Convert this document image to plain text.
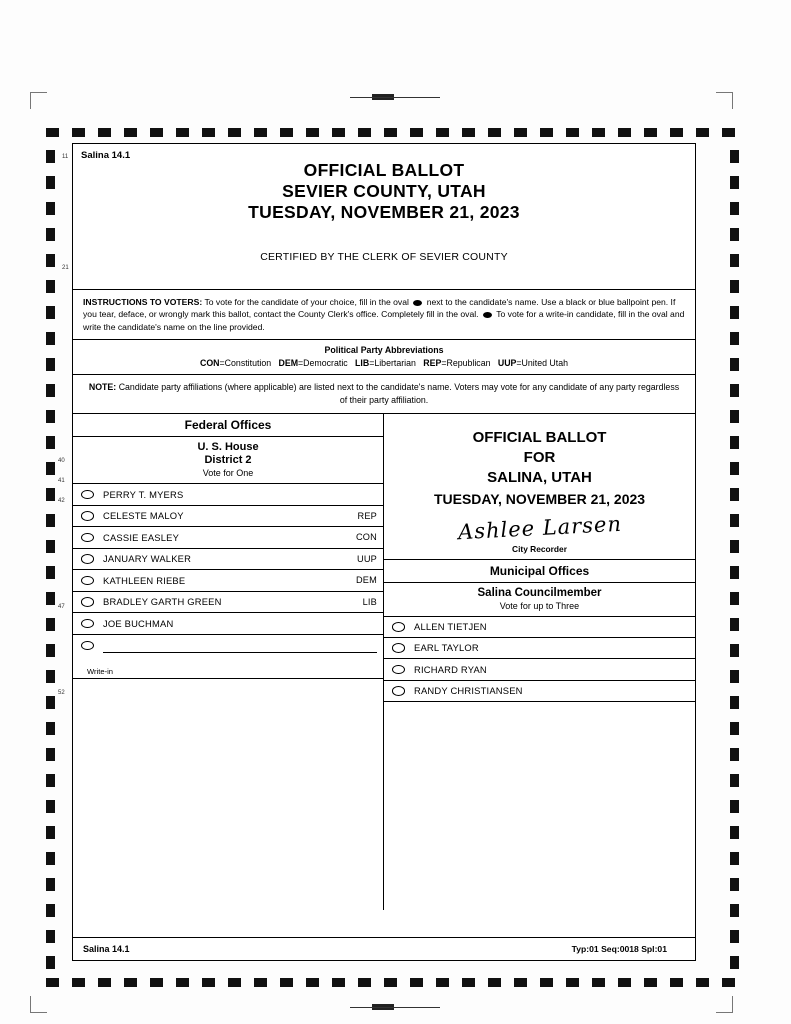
11
21
40
41
42
47
52
Salina 14.1
OFFICIAL BALLOT
SEVIER COUNTY, UTAH
TUESDAY, NOVEMBER 21, 2023
CERTIFIED BY THE CLERK OF SEVIER COUNTY
INSTRUCTIONS TO VOTERS: To vote for the candidate of your choice, fill in the oval next to the candidate's name. Use a black or blue ballpoint pen. If you tear, deface, or wrongly mark this ballot, contact the County Clerk's office. Completely fill in the oval. To vote for a write-in candidate, fill in the oval and write the candidate's name on the line provided.
Political Party Abbreviations
CON=Constitution DEM=Democratic LIB=Libertarian REP=Republican UUP=United Utah
NOTE: Candidate party affiliations (where applicable) are listed next to the candidate's name. Voters may vote for any candidate of any party regardless of their party affiliation.
Federal Offices
U. S. House
District 2
Vote for One
PERRY T. MYERS
CELESTE MALOY	REP
CASSIE EASLEY	CON
JANUARY WALKER	UUP
KATHLEEN RIEBE	DEM
BRADLEY GARTH GREEN	LIB
JOE BUCHMAN
Write-in
OFFICIAL BALLOT
FOR
SALINA, UTAH
TUESDAY, NOVEMBER 21, 2023
Ashlee Larsen
City Recorder
Municipal Offices
Salina Councilmember
Vote for up to Three
ALLEN TIETJEN
EARL TAYLOR
RICHARD RYAN
RANDY CHRISTIANSEN
Salina 14.1	Typ:01 Seq:0018 Spl:01
